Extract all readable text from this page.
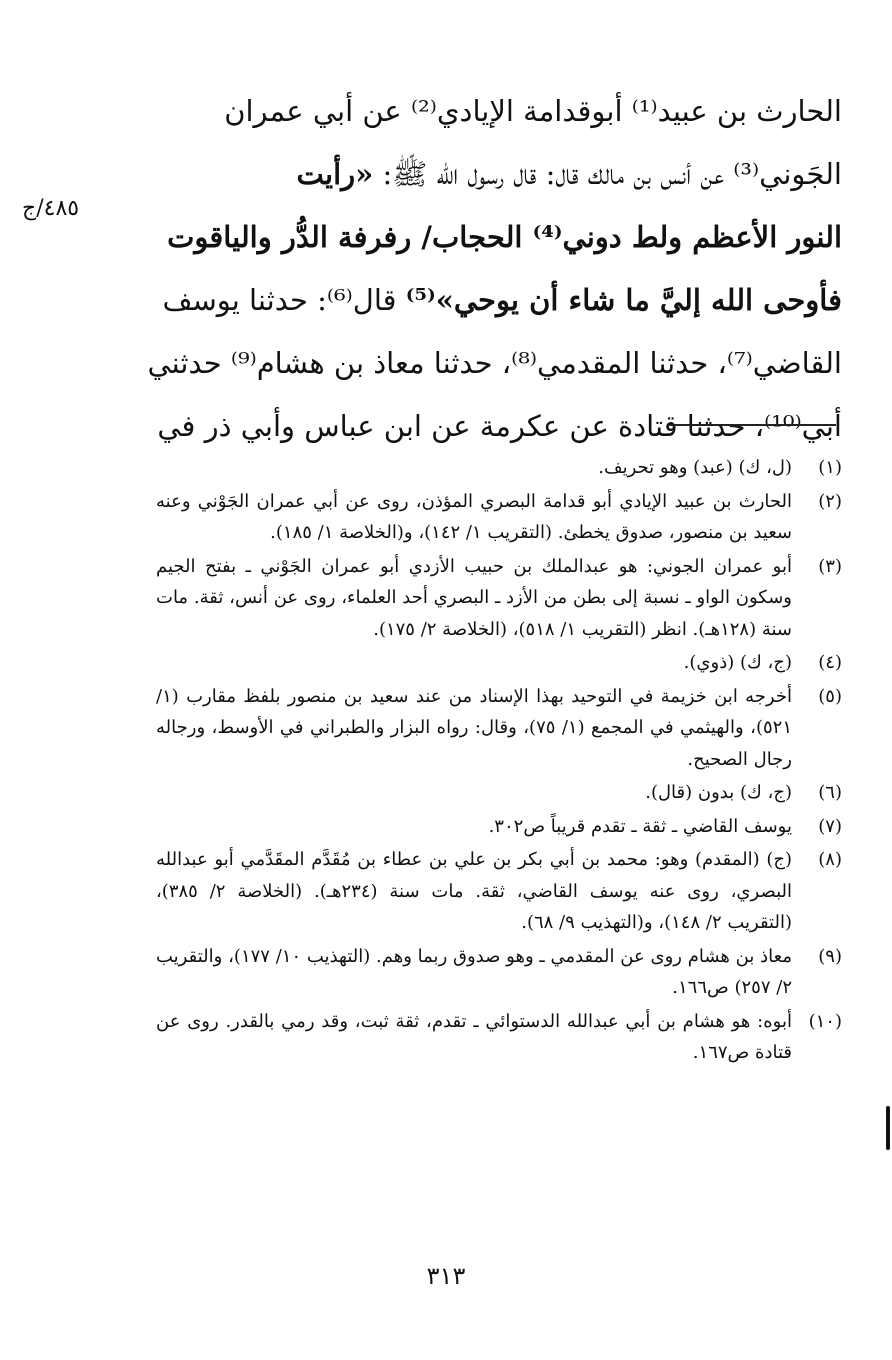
الحارث بن عبيد⁽¹⁾ أبوقدامة الإيادي⁽²⁾ عن أبي عمران
الجَوني⁽³⁾ عن أنس بن مالك قال: قال رسول الله ﷺ: «رأيت
النور الأعظم ولط دوني⁽⁴⁾ الحجاب/ رفرفة الدُّر والياقوت
فأوحى الله إليَّ ما شاء أن يوحي»⁽⁵⁾ قال⁽⁶⁾: حدثنا يوسف
القاضي⁽⁷⁾، حدثنا المقدمي⁽⁸⁾، حدثنا معاذ بن هشام⁽⁹⁾ حدثني
أبي⁽¹⁰⁾، حدثنا قتادة عن عكرمة عن ابن عباس وأبي ذر في
٤٨٥/ج
(١)
(ل، ك) (عبد) وهو تحريف.
(٢)
الحارث بن عبيد الإيادي أبو قدامة البصري المؤذن، روى عن أبي عمران الجَوْني وعنه سعيد بن منصور، صدوق يخطئ. (التقريب ١/ ١٤٢)، و(الخلاصة ١/ ١٨٥).
(٣)
أبو عمران الجوني: هو عبدالملك بن حبيب الأزدي أبو عمران الجَوْني ـ بفتح الجيم وسكون الواو ـ نسبة إلى بطن من الأزد ـ البصري أحد العلماء، روى عن أنس، ثقة. مات سنة (١٢٨هـ). انظر (التقريب ١/ ٥١٨)، (الخلاصة ٢/ ١٧٥).
(٤)
(ج، ك) (ذوي).
(٥)
أخرجه ابن خزيمة في التوحيد بهذا الإسناد من عند سعيد بن منصور بلفظ مقارب (١/ ٥٢١)، والهيثمي في المجمع (١/ ٧٥)، وقال: رواه البزار والطبراني في الأوسط، ورجاله رجال الصحيح.
(٦)
(ج، ك) بدون (قال).
(٧)
يوسف القاضي ـ ثقة ـ تقدم قريباً ص٣٠٢.
(٨)
(ج) (المقدم) وهو: محمد بن أبي بكر بن علي بن عطاء بن مُقَدَّم المقَدَّمي أبو عبدالله البصري، روى عنه يوسف القاضي، ثقة. مات سنة (٢٣٤هـ). (الخلاصة ٢/ ٣٨٥)، (التقريب ٢/ ١٤٨)، و(التهذيب ٩/ ٦٨).
(٩)
معاذ بن هشام روى عن المقدمي ـ وهو صدوق ربما وهم. (التهذيب ١٠/ ١٧٧)، والتقريب ٢/ ٢٥٧) ص١٦٦.
(١٠)
أبوه: هو هشام بن أبي عبدالله الدستوائي ـ تقدم، ثقة ثبت، وقد رمي بالقدر. روى عن قتادة ص١٦٧.
٣١٣
